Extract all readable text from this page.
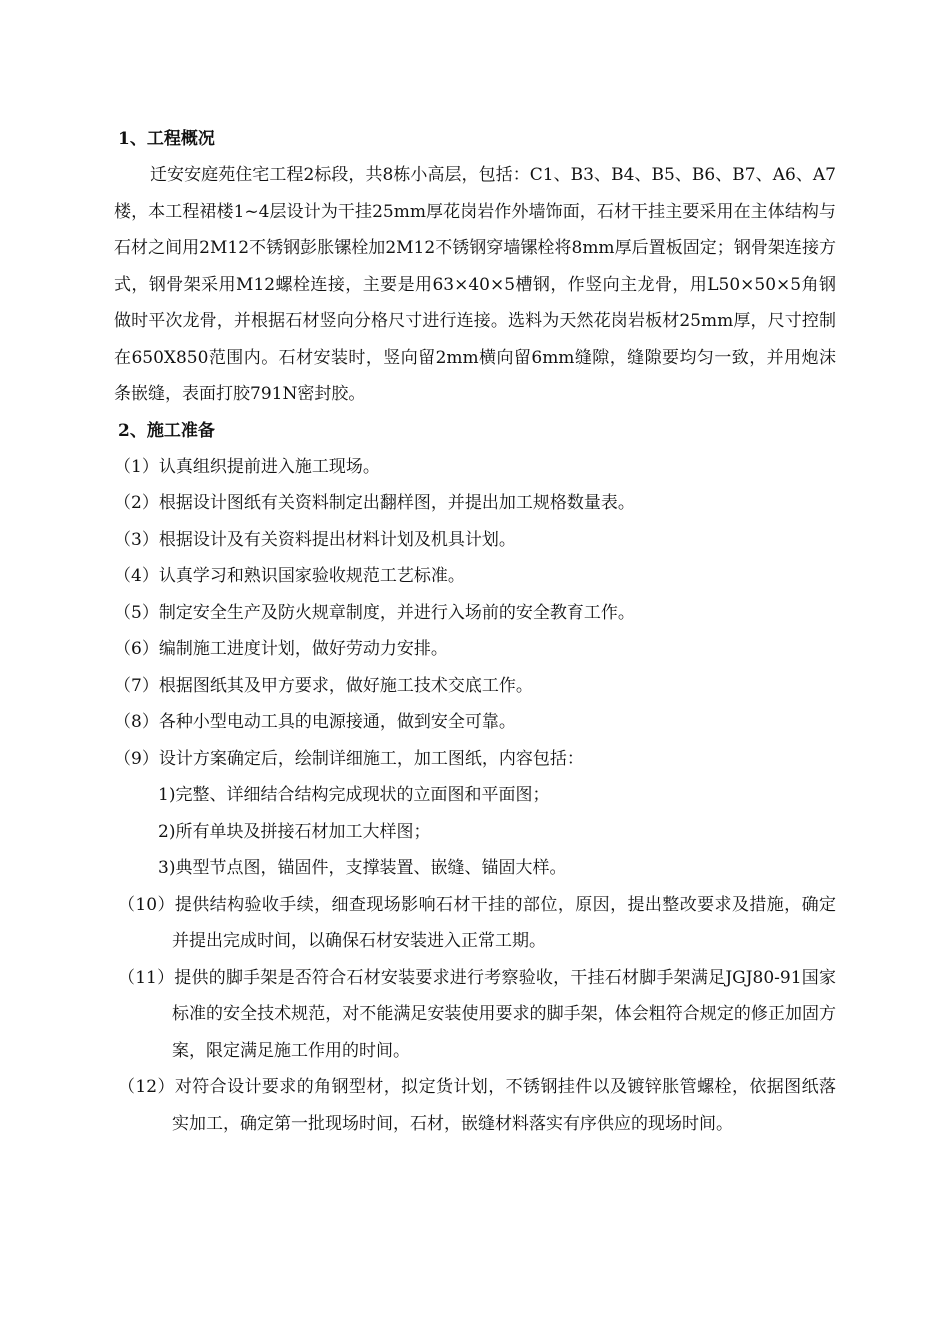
1、工程概况
迁安安庭苑住宅工程2标段，共8栋小高层，包括：C1、B3、B4、B5、B6、B7、A6、A7楼，本工程裙楼1~4层设计为干挂25mm厚花岗岩作外墙饰面，石材干挂主要采用在主体结构与石材之间用2M12不锈钢彭胀镙栓加2M12不锈钢穿墙镙栓将8mm厚后置板固定；钢骨架连接方式，钢骨架采用M12螺栓连接，主要是用63×40×5槽钢，作竖向主龙骨，用L50×50×5角钢做时平次龙骨，并根据石材竖向分格尺寸进行连接。选料为天然花岗岩板材25mm厚，尺寸控制在650X850范围内。石材安装时，竖向留2mm横向留6mm缝隙，缝隙要均匀一致，并用炮沫条嵌缝，表面打胶791N密封胶。
2、施工准备
（1）认真组织提前进入施工现场。
（2）根据设计图纸有关资料制定出翻样图，并提出加工规格数量表。
（3）根据设计及有关资料提出材料计划及机具计划。
（4）认真学习和熟识国家验收规范工艺标准。
（5）制定安全生产及防火规章制度，并进行入场前的安全教育工作。
（6）编制施工进度计划，做好劳动力安排。
（7）根据图纸其及甲方要求，做好施工技术交底工作。
（8）各种小型电动工具的电源接通，做到安全可靠。
（9）设计方案确定后，绘制详细施工，加工图纸，内容包括：
1)完整、详细结合结构完成现状的立面图和平面图；
2)所有单块及拼接石材加工大样图；
3)典型节点图，锚固件，支撑装置、嵌缝、锚固大样。
（10）提供结构验收手续，细查现场影响石材干挂的部位，原因，提出整改要求及措施，确定并提出完成时间，以确保石材安装进入正常工期。
（11）提供的脚手架是否符合石材安装要求进行考察验收，干挂石材脚手架满足JGJ80-91国家标准的安全技术规范，对不能满足安装使用要求的脚手架，体会粗符合规定的修正加固方案，限定满足施工作用的时间。
（12）对符合设计要求的角钢型材，拟定货计划，不锈钢挂件以及镀锌胀管螺栓，依据图纸落实加工，确定第一批现场时间，石材，嵌缝材料落实有序供应的现场时间。
